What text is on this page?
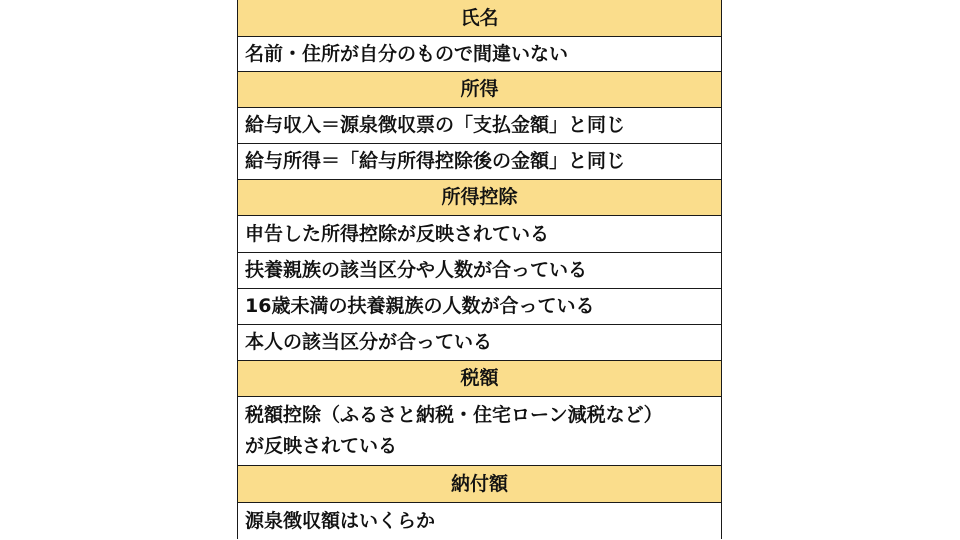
氏名
名前・住所が自分のもので間違いない
所得
給与収入＝源泉徴収票の「支払金額」と同じ
給与所得＝「給与所得控除後の金額」と同じ
所得控除
申告した所得控除が反映されている
扶養親族の該当区分や人数が合っている
16歳未満の扶養親族の人数が合っている
本人の該当区分が合っている
税額
税額控除（ふるさと納税・住宅ローン減税など）
が反映されている
納付額
源泉徴収額はいくらか
